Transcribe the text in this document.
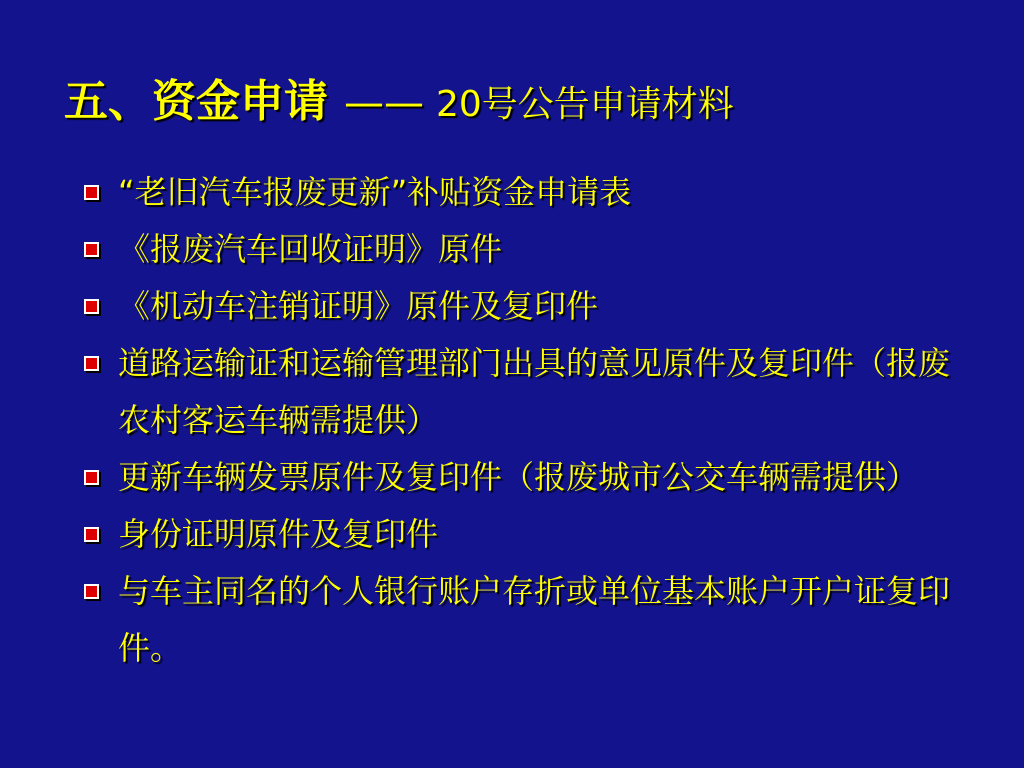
五、资金申请 —— 20号公告申请材料
“老旧汽车报废更新”补贴资金申请表
《报废汽车回收证明》原件
《机动车注销证明》原件及复印件
道路运输证和运输管理部门出具的意见原件及复印件（报废农村客运车辆需提供）
更新车辆发票原件及复印件（报废城市公交车辆需提供）
身份证明原件及复印件
与车主同名的个人银行账户存折或单位基本账户开户证复印件。
